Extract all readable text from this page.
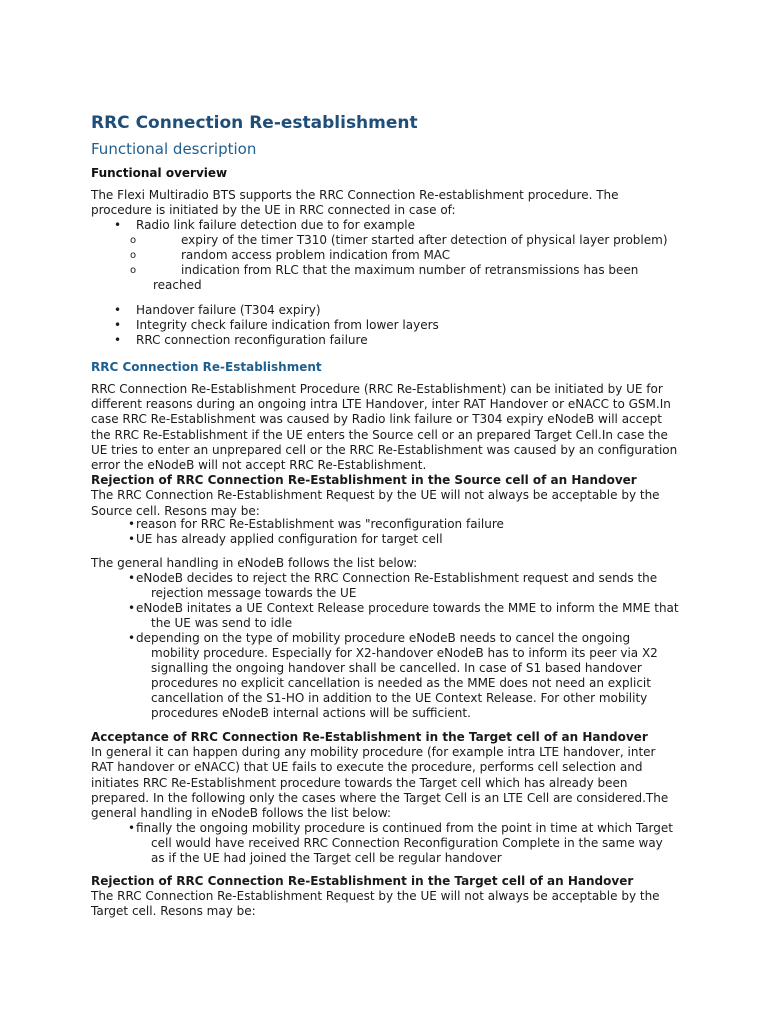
RRC Connection Re-establishment
Functional description
Functional overview
The Flexi Multiradio BTS supports the RRC Connection Re-establishment procedure. The
procedure is initiated by the UE in RRC connected in case of:
• Radio link failure detection due to for example
o	expiry of the timer T310 (timer started after detection of physical layer problem)
o	random access problem indication from MAC
o	indication from RLC that the maximum number of retransmissions has been
reached
• Handover failure (T304 expiry)
• Integrity check failure indication from lower layers
• RRC connection reconfiguration failure
RRC Connection Re-Establishment
RRC Connection Re-Establishment Procedure (RRC Re-Establishment) can be initiated by UE for
different reasons during an ongoing intra LTE Handover, inter RAT Handover or eNACC to GSM.In
case RRC Re-Establishment was caused by Radio link failure or T304 expiry eNodeB will accept
the RRC Re-Establishment if the UE enters the Source cell or an prepared Target Cell.In case the
UE tries to enter an unprepared cell or the RRC Re-Establishment was caused by an configuration
error the eNodeB will not accept RRC Re-Establishment.
Rejection of RRC Connection Re-Establishment in the Source cell of an Handover
The RRC Connection Re-Establishment Request by the UE will not always be acceptable by the
Source cell. Resons may be:
• reason for RRC Re-Establishment was "reconfiguration failure
• UE has already applied configuration for target cell
The general handling in eNodeB follows the list below:
• eNodeB decides to reject the RRC Connection Re-Establishment request and sends the
rejection message towards the UE
• eNodeB initates a UE Context Release procedure towards the MME to inform the MME that
the UE was send to idle
• depending on the type of mobility procedure eNodeB needs to cancel the ongoing
mobility procedure. Especially for X2-handover eNodeB has to inform its peer via X2
signalling the ongoing handover shall be cancelled. In case of S1 based handover
procedures no explicit cancellation is needed as the MME does not need an explicit
cancellation of the S1-HO in addition to the UE Context Release. For other mobility
procedures eNodeB internal actions will be sufficient.
Acceptance of RRC Connection Re-Establishment in the Target cell of an Handover
In general it can happen during any mobility procedure (for example intra LTE handover, inter
RAT handover or eNACC) that UE fails to execute the procedure, performs cell selection and
initiates RRC Re-Establishment procedure towards the Target cell which has already been
prepared. In the following only the cases where the Target Cell is an LTE Cell are considered.The
general handling in eNodeB follows the list below:
• finally the ongoing mobility procedure is continued from the point in time at which Target
cell would have received RRC Connection Reconfiguration Complete in the same way
as if the UE had joined the Target cell be regular handover
Rejection of RRC Connection Re-Establishment in the Target cell of an Handover
The RRC Connection Re-Establishment Request by the UE will not always be acceptable by the
Target cell. Resons may be:
